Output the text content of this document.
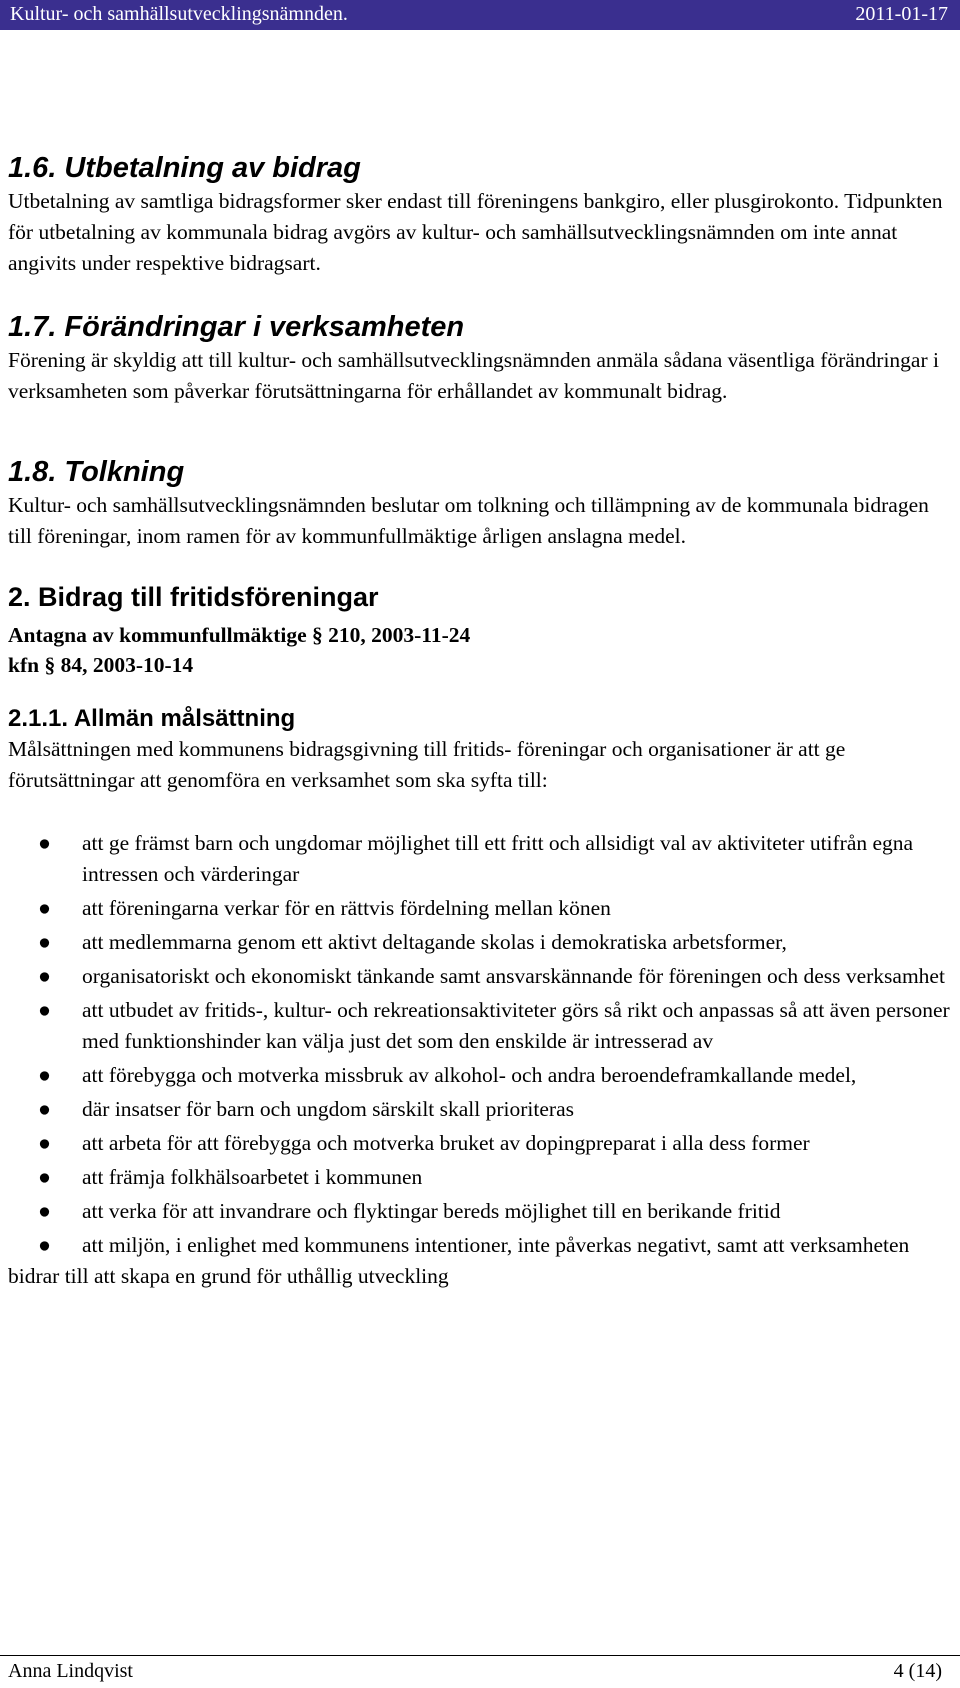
Kultur- och samhällsutvecklingsnämnden.	2011-01-17
1.6. Utbetalning av bidrag

Utbetalning av samtliga bidragsformer sker endast till föreningens bankgiro, eller plusgirokonto. Tidpunkten för utbetalning av kommunala bidrag avgörs av kultur- och samhällsutvecklingsnämnden om inte annat angivits under respektive bidragsart.

1.7. Förändringar i verksamheten

Förening är skyldig att till kultur- och samhällsutvecklingsnämnden anmäla sådana väsentliga förändringar i verksamheten som påverkar förutsättningarna för erhållandet av kommunalt bidrag.

1.8. Tolkning

Kultur- och samhällsutvecklingsnämnden beslutar om tolkning och tillämpning av de kommunala bidragen till föreningar, inom ramen för av kommunfullmäktige årligen anslagna medel.

2. Bidrag till fritidsföreningar

Antagna av kommunfullmäktige § 210, 2003-11-24

kfn § 84, 2003-10-14

2.1.1. Allmän målsättning

Målsättningen med kommunens bidragsgivning till fritids- föreningar och organisationer är att ge förutsättningar att genomföra en verksamhet som ska syfta till:

● att ge främst barn och ungdomar möjlighet till ett fritt och allsidigt val av aktiviteter utifrån egna intressen och värderingar
● att föreningarna verkar för en rättvis fördelning mellan könen
● att medlemmarna genom ett aktivt deltagande skolas i demokratiska arbetsformer,
● organisatoriskt och ekonomiskt tänkande samt ansvarskännande för föreningen och dess verksamhet
● att utbudet av fritids-, kultur- och rekreationsaktiviteter görs så rikt och anpassas så att även personer med funktionshinder kan välja just det som den enskilde är intresserad av
● att förebygga och motverka missbruk av alkohol- och andra beroendeframkallande medel,
● där insatser för barn och ungdom särskilt skall prioriteras
● att arbeta för att förebygga och motverka bruket av dopingpreparat i alla dess former
● att främja folkhälsoarbetet i kommunen
● att verka för att invandrare och flyktingar bereds möjlighet till en berikande fritid
● att miljön, i enlighet med kommunens intentioner, inte påverkas negativt, samt att verksamheten bidrar till att skapa en grund för uthållig utveckling
Anna Lindqvist	4 (14)
